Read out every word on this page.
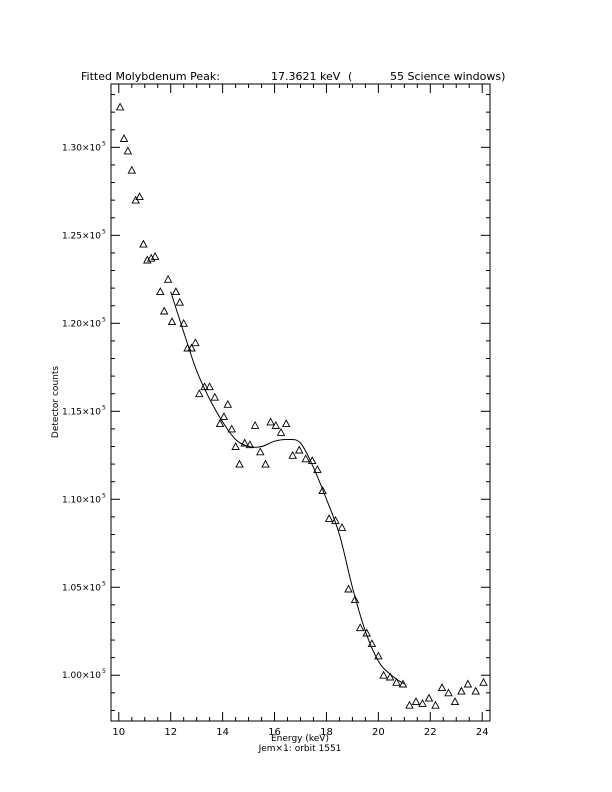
Fitted Molybdenum Peak:	17.3621 keV (	55 Science windows)
10	12	14	16	18	20	22	24
1.00×10 5
1.05×10 5
1.10×10 5
1.15×10 5
1.20×10 5
1.25×10 5
1.30×10 5
Energy (keV)
Jem×1: orbit 1551
Detector counts
